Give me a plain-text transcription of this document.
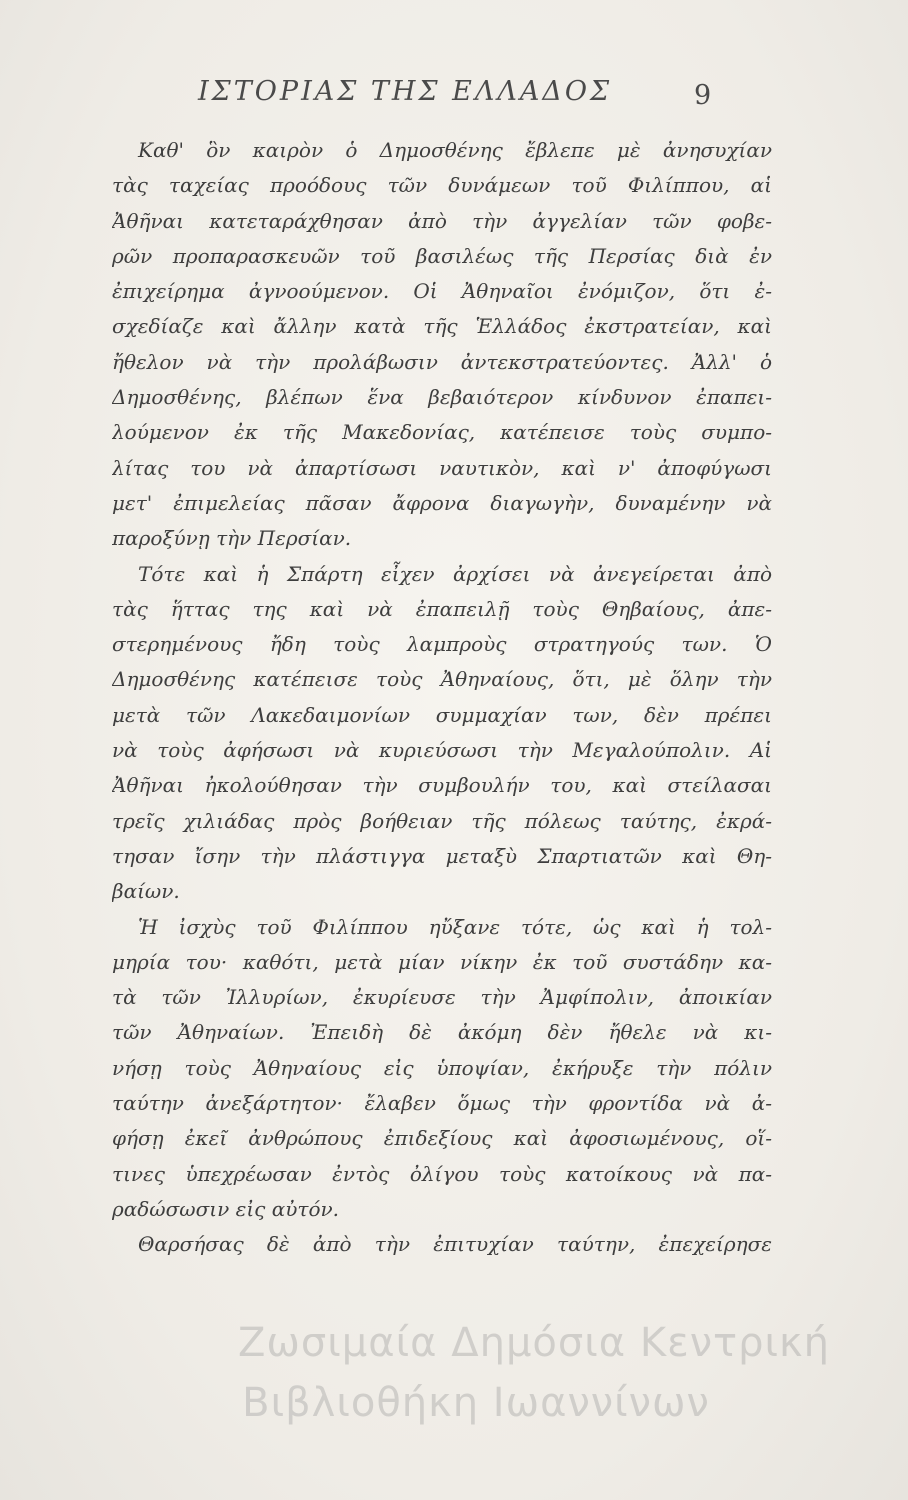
ΙΣΤΟΡΙΑΣ ΤΗΣ ΕΛΛΑΔΟΣ	9
Καθ' ὃν καιρὸν ὁ Δημοσθένης ἔβλεπε μὲ ἀνησυχίαν
τὰς ταχείας προόδους τῶν δυνάμεων τοῦ Φιλίππου, αἱ
Ἀθῆναι κατεταράχθησαν ἀπὸ τὴν ἀγγελίαν τῶν φοβε-
ρῶν προπαρασκευῶν τοῦ βασιλέως τῆς Περσίας διὰ ἐν
ἐπιχείρημα ἀγνοούμενον. Οἱ Ἀθηναῖοι ἐνόμιζον, ὅτι ἐ-
σχεδίαζε καὶ ἄλλην κατὰ τῆς Ἑλλάδος ἐκστρατείαν, καὶ
ἤθελον νὰ τὴν προλάβωσιν ἀντεκστρατεύοντες. Ἀλλ' ὁ
Δημοσθένης, βλέπων ἕνα βεβαιότερον κίνδυνον ἐπαπει-
λούμενον ἐκ τῆς Μακεδονίας, κατέπεισε τοὺς συμπο-
λίτας του νὰ ἀπαρτίσωσι ναυτικὸν, καὶ ν' ἀποφύγωσι
μετ' ἐπιμελείας πᾶσαν ἄφρονα διαγωγὴν, δυναμένην νὰ
παροξύνῃ τὴν Περσίαν.
Τότε καὶ ἡ Σπάρτη εἶχεν ἀρχίσει νὰ ἀνεγείρεται ἀπὸ
τὰς ἥττας της καὶ νὰ ἐπαπειλῇ τοὺς Θηβαίους, ἀπε-
στερημένους ἤδη τοὺς λαμπροὺς στρατηγούς των. Ὁ
Δημοσθένης κατέπεισε τοὺς Ἀθηναίους, ὅτι, μὲ ὅλην τὴν
μετὰ τῶν Λακεδαιμονίων συμμαχίαν των, δὲν πρέπει
νὰ τοὺς ἀφήσωσι νὰ κυριεύσωσι τὴν Μεγαλούπολιν. Αἱ
Ἀθῆναι ἠκολούθησαν τὴν συμβουλήν του, καὶ στείλασαι
τρεῖς χιλιάδας πρὸς βοήθειαν τῆς πόλεως ταύτης, ἐκρά-
τησαν ἴσην τὴν πλάστιγγα μεταξὺ Σπαρτιατῶν καὶ Θη-
βαίων.
Ἡ ἰσχὺς τοῦ Φιλίππου ηὔξανε τότε, ὡς καὶ ἡ τολ-
μηρία του· καθότι, μετὰ μίαν νίκην ἐκ τοῦ συστάδην κα-
τὰ τῶν Ἰλλυρίων, ἐκυρίευσε τὴν Ἀμφίπολιν, ἀποικίαν
τῶν Ἀθηναίων. Ἐπειδὴ δὲ ἀκόμη δὲν ἤθελε νὰ κι-
νήσῃ τοὺς Ἀθηναίους εἰς ὑποψίαν, ἐκήρυξε τὴν πόλιν
ταύτην ἀνεξάρτητον· ἔλαβεν ὅμως τὴν φροντίδα νὰ ἀ-
φήσῃ ἐκεῖ ἀνθρώπους ἐπιδεξίους καὶ ἀφοσιωμένους, οἵ-
τινες ὑπεχρέωσαν ἐντὸς ὀλίγου τοὺς κατοίκους νὰ πα-
ραδώσωσιν εἰς αὐτόν.
Θαρσήσας δὲ ἀπὸ τὴν ἐπιτυχίαν ταύτην, ἐπεχείρησε
Ζωσιμαία Δημόσια Κεντρική
Βιβλιοθήκη Ιωαννίνων
